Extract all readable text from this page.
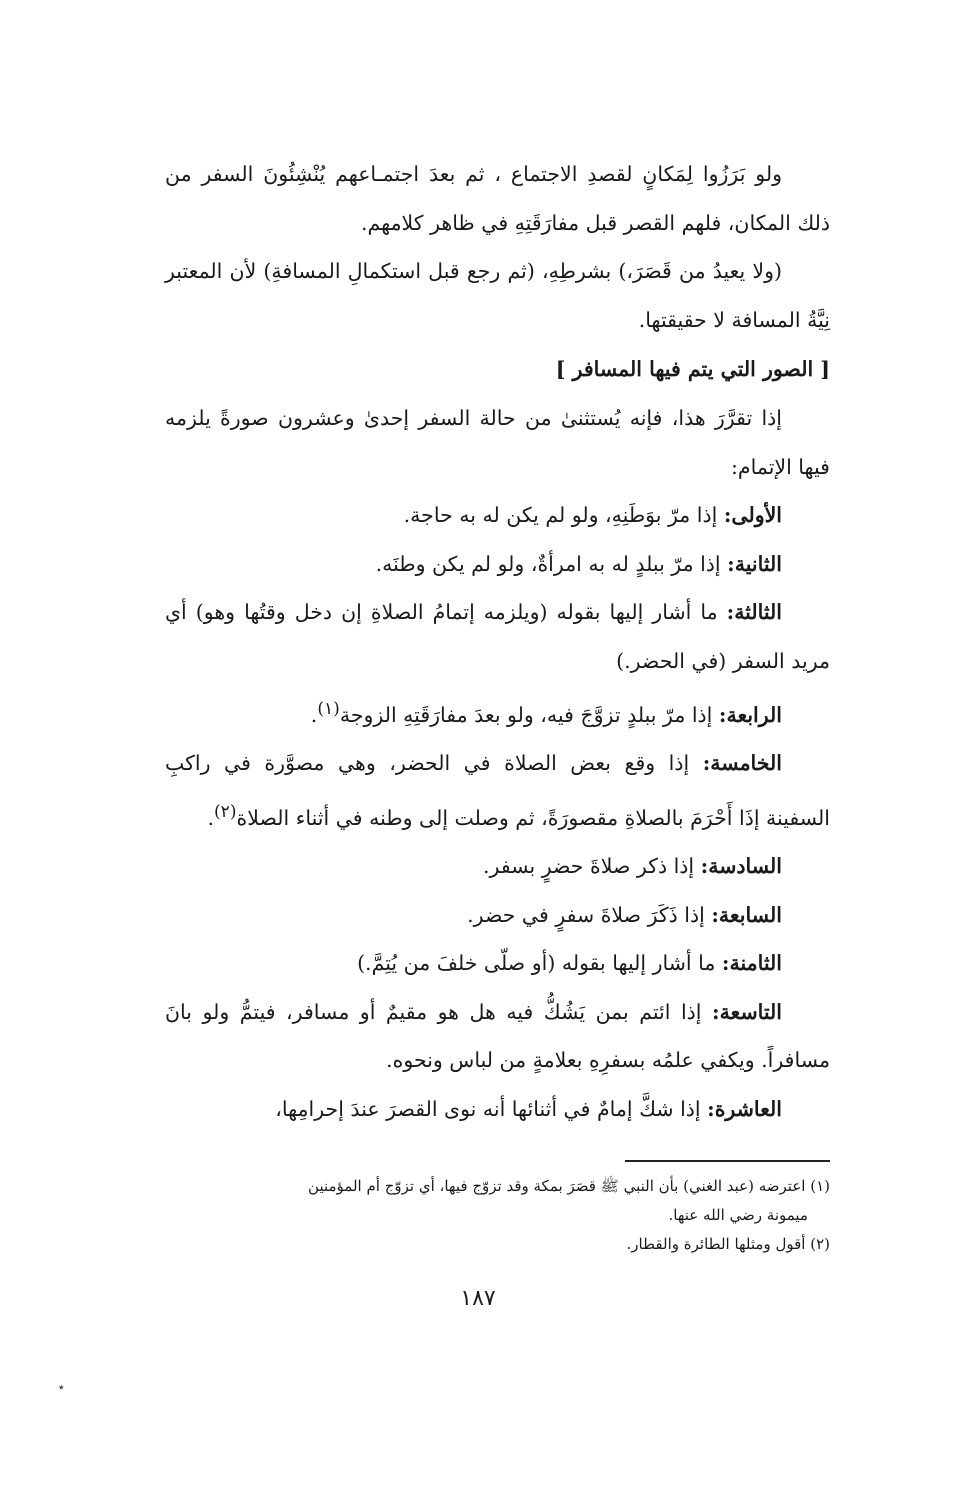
ولو بَرَزُوا لِمَكانٍ لقصدِ الاجتماع ، ثم بعدَ اجتمـاعهم يُنْشِئُونَ السفر من ذلك المكان، فلهم القصر قبل مفارَقَتِهِ في ظاهر كلامهم.

(ولا يعيدُ من قَصَرَ،) بشرطِهِ، (ثم رجع قبل استكمالِ المسافةِ) لأن المعتبر نِيَّةُ المسافة لا حقيقتها.

[ الصور التي يتم فيها المسافر ]

إذا تقرَّرَ هذا، فإنه يُستثنىٰ من حالة السفر إحدىٰ وعشرون صورةً يلزمه فيها الإتمام:

الأولى: إذا مرّ بوَطَنِهِ، ولو لم يكن له به حاجة.

الثانية: إذا مرّ ببلدٍ له به امرأةٌ، ولو لم يكن وطنَه.

الثالثة: ما أشار إليها بقوله (ويلزمه إتمامُ الصلاةِ إن دخل وقتُها وهو) أي مريد السفر (في الحضر.)

الرابعة: إذا مرّ ببلدٍ تزوَّجَ فيه، ولو بعدَ مفارَقَتِهِ الزوجة$^{(١)}$.

الخامسة: إذا وقع بعض الصلاة في الحضر، وهي مصوَّرة في راكبِ السفينة إذَا أَحْرَمَ بالصلاةِ مقصورَةً، ثم وصلت إلى وطنه في أثناء الصلاة$^{(٢)}$.

السادسة: إذا ذكر صلاةَ حضرٍ بسفر.

السابعة: إذا ذَكَرَ صلاةَ سفرٍ في حضر.

الثامنة: ما أشار إليها بقوله (أو صلّى خلفَ من يُتِمَّ.)

التاسعة: إذا ائتم بمن يَشُكُّ فيه هل هو مقيمٌ أو مسافر، فيتمُّ ولو بانَ مسافراً. ويكفي علمُه بسفرِهِ بعلامةٍ من لباس ونحوه.

العاشرة: إذا شكَّ إمامٌ في أثنائها أنه نوى القصرَ عندَ إحرامِها،

(١) اعترضه (عبد الغني) بأن النبي ﷺ قصَرَ بمكة وقد تزوّج فيها، أي تزوّج أم المؤمنين

ميمونة رضي الله عنها.

(٢) أقول ومثلها الطائرة والقطار.

١٨٧
٭
